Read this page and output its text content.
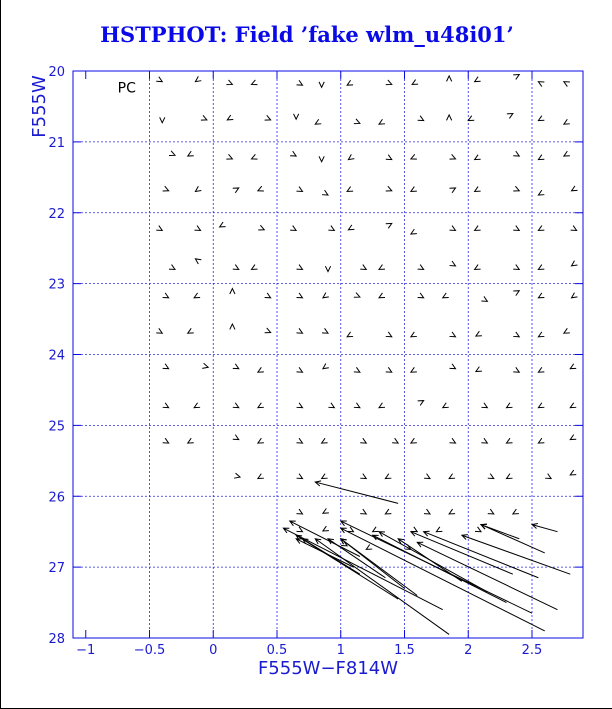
HSTPHOT: Field ’fake wlm_u48i01’
−1	−0.5	0	0.5	1	1.5	2	2.5
20
21
22
23
24
25
26
27
28
PC
F555W−F814W
F555W
